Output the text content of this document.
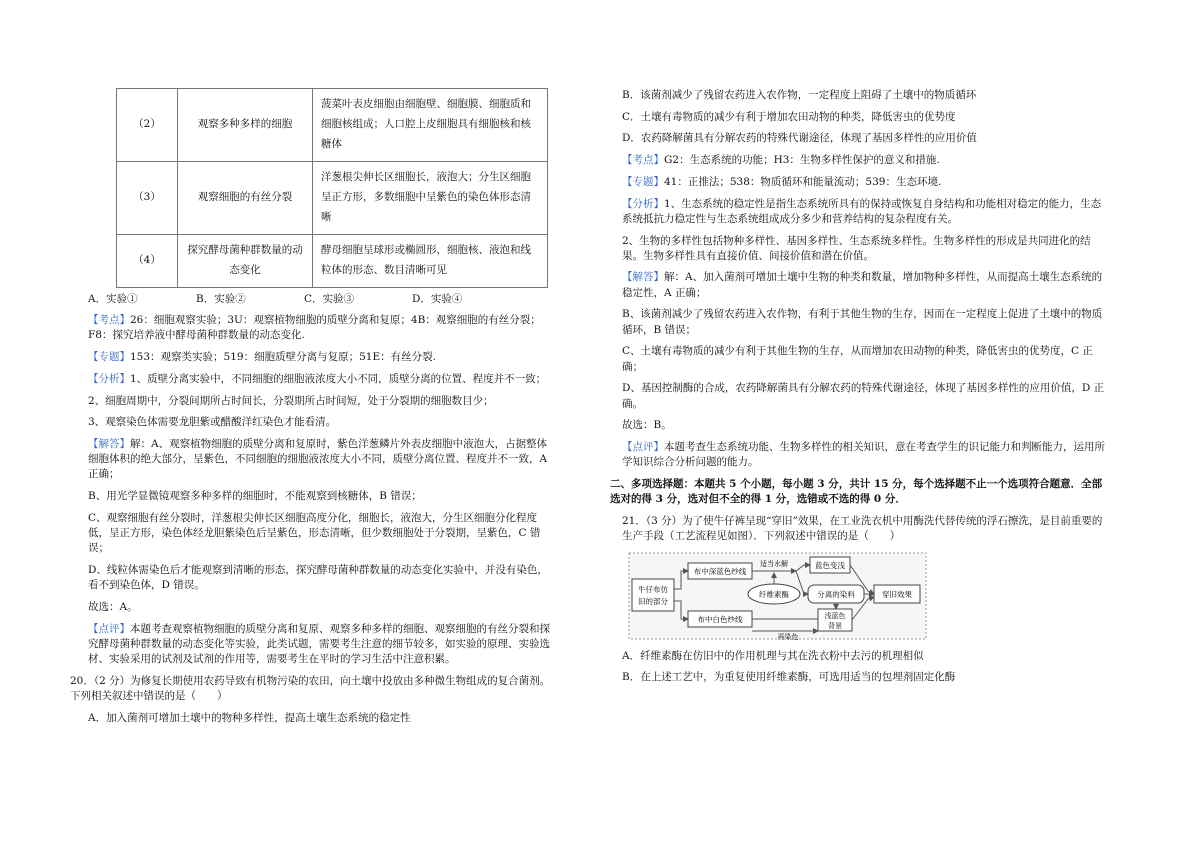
（2）	观察多种多样的细胞	菠菜叶表皮细胞由细胞壁、细胞膜、细胞质和细胞核组成；人口腔上皮细胞具有细胞核和核糖体
（3）	观察细胞的有丝分裂	洋葱根尖伸长区细胞长，液泡大；分生区细胞呈正方形，多数细胞中呈紫色的染色体形态清晰
（4）	探究酵母菌种群数量的动态变化	酵母细胞呈球形或椭圆形，细胞核、液泡和线粒体的形态、数目清晰可见
A．实验①	B．实验②	C．实验③	D．实验④

【考点】26：细胞观察实验；3U：观察植物细胞的质壁分离和复原；4B：观察细胞的有丝分裂；F8：探究培养液中酵母菌种群数量的动态变化.

【专题】153：观察类实验；519：细胞质壁分离与复原；51E：有丝分裂.

【分析】1、质壁分离实验中，不同细胞的细胞液浓度大小不同，质壁分离的位置、程度并不一致；

2、细胞周期中，分裂间期所占时间长，分裂期所占时间短，处于分裂期的细胞数目少；

3、观察染色体需要龙胆紫或醋酸洋红染色才能看清。

【解答】解：A、观察植物细胞的质壁分离和复原时，紫色洋葱鳞片外表皮细胞中液泡大，占据整体细胞体积的绝大部分，呈紫色，不同细胞的细胞液浓度大小不同，质壁分离位置、程度并不一致，A 正确；

B、用光学显微镜观察多种多样的细胞时，不能观察到核糖体，B 错误；

C、观察细胞有丝分裂时，洋葱根尖伸长区细胞高度分化，细胞长，液泡大，分生区细胞分化程度低，呈正方形，染色体经龙胆紫染色后呈紫色，形态清晰，但少数细胞处于分裂期，呈紫色，C 错误；

D、线粒体需染色后才能观察到清晰的形态，探究酵母菌种群数量的动态变化实验中，并没有染色，看不到染色体，D 错误。

故选：A。

【点评】本题考查观察植物细胞的质壁分离和复原、观察多种多样的细胞、观察细胞的有丝分裂和探究酵母菌种群数量的动态变化等实验，此类试题，需要考生注意的细节较多，如实验的原理、实验选材、实验采用的试剂及试剂的作用等，需要考生在平时的学习生活中注意积累。

20．（2 分）为修复长期使用农药导致有机物污染的农田，向土壤中投放由多种微生物组成的复合菌剂。下列相关叙述中错误的是（　　）

A．加入菌剂可增加土壤中的物种多样性，提高土壤生态系统的稳定性

B．该菌剂减少了残留农药进入农作物，一定程度上阻碍了土壤中的物质循环

C．土壤有毒物质的减少有利于增加农田动物的种类，降低害虫的优势度

D．农药降解菌具有分解农药的特殊代谢途径，体现了基因多样性的应用价值

【考点】G2：生态系统的功能；H3：生物多样性保护的意义和措施.

【专题】41：正推法；538：物质循环和能量流动；539：生态环境.

【分析】1、生态系统的稳定性是指生态系统所具有的保持或恢复自身结构和功能相对稳定的能力，生态系统抵抗力稳定性与生态系统组成成分多少和营养结构的复杂程度有关。

2、生物的多样性包括物种多样性、基因多样性、生态系统多样性。生物多样性的形成是共同进化的结果。生物多样性具有直接价值、间接价值和潜在价值。

【解答】解：A、加入菌剂可增加土壤中生物的种类和数量，增加物种多样性，从而提高土壤生态系统的稳定性，A 正确；

B、该菌剂减少了残留农药进入农作物，有利于其他生物的生存，因而在一定程度上促进了土壤中的物质循环，B 错误；

C、土壤有毒物质的减少有利于其他生物的生存，从而增加农田动物的种类，降低害虫的优势度，C 正确；

D、基因控制酶的合成，农药降解菌具有分解农药的特殊代谢途径，体现了基因多样性的应用价值，D 正确。

故选：B。

【点评】本题考查生态系统功能、生物多样性的相关知识，意在考查学生的识记能力和判断能力，运用所学知识综合分析问题的能力。

二、多项选择题：本题共 5 个小题，每小题 3 分，共计 15 分，每个选择题不止一个选项符合题意．全部选对的得 3 分，选对但不全的得 1 分，选错或不选的得 0 分．

21．（3 分）为了使牛仔裤呈现“穿旧”效果，在工业洗衣机中用酶洗代替传统的浮石擦洗，是目前重要的生产手段（工艺流程见如图）．下列叙述中错误的是（　　）

牛仔布仿
旧的部分
布中深蓝色纱线
布中白色纱线
适当水解
纤维素酶	分离的染料
蓝色变浅
浅蓝色
背景
再染色
穿旧效果

A．纤维素酶在仿旧中的作用机理与其在洗衣粉中去污的机理相似

B．在上述工艺中，为重复使用纤维素酶，可选用适当的包埋剂固定化酶
